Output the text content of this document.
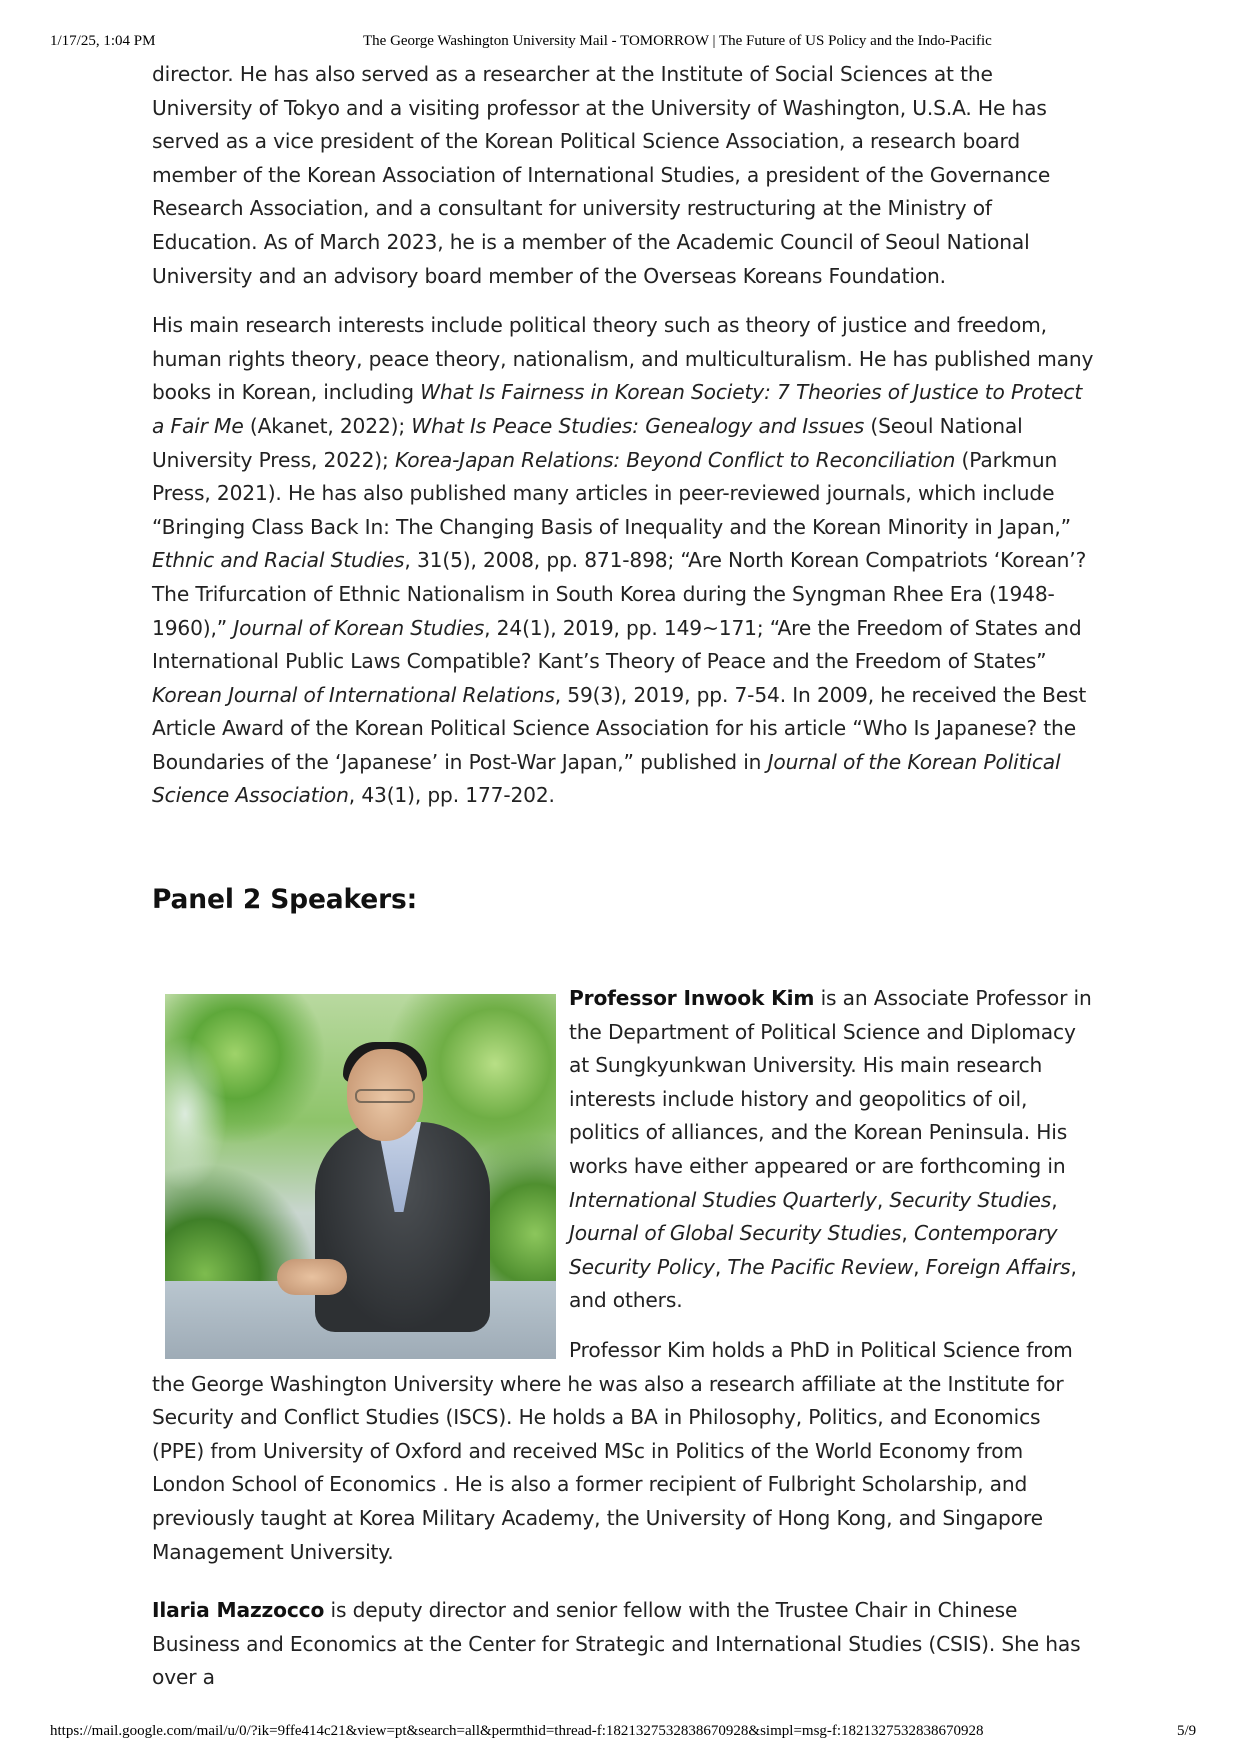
1/17/25, 1:04 PM	The George Washington University Mail - TOMORROW | The Future of US Policy and the Indo-Pacific

director. He has also served as a researcher at the Institute of Social Sciences at the University of Tokyo and a visiting professor at the University of Washington, U.S.A. He has served as a vice president of the Korean Political Science Association, a research board member of the Korean Association of International Studies, a president of the Governance Research Association, and a consultant for university restructuring at the Ministry of Education. As of March 2023, he is a member of the Academic Council of Seoul National University and an advisory board member of the Overseas Koreans Foundation.

His main research interests include political theory such as theory of justice and freedom, human rights theory, peace theory, nationalism, and multiculturalism. He has published many books in Korean, including What Is Fairness in Korean Society: 7 Theories of Justice to Protect a Fair Me (Akanet, 2022); What Is Peace Studies: Genealogy and Issues (Seoul National University Press, 2022); Korea-Japan Relations: Beyond Conflict to Reconciliation (Parkmun Press, 2021). He has also published many articles in peer-reviewed journals, which include “Bringing Class Back In: The Changing Basis of Inequality and the Korean Minority in Japan,” Ethnic and Racial Studies, 31(5), 2008, pp. 871-898; “Are North Korean Compatriots ‘Korean’? The Trifurcation of Ethnic Nationalism in South Korea during the Syngman Rhee Era (1948-1960),” Journal of Korean Studies, 24(1), 2019, pp. 149~171; “Are the Freedom of States and International Public Laws Compatible? Kant’s Theory of Peace and the Freedom of States” Korean Journal of International Relations, 59(3), 2019, pp. 7-54. In 2009, he received the Best Article Award of the Korean Political Science Association for his article “Who Is Japanese? the Boundaries of the ‘Japanese’ in Post-War Japan,” published in Journal of the Korean Political Science Association, 43(1), pp. 177-202.

Panel 2 Speakers:

Professor Inwook Kim is an Associate Professor in the Department of Political Science and Diplomacy at Sungkyunkwan University. His main research interests include history and geopolitics of oil, politics of alliances, and the Korean Peninsula. His works have either appeared or are forthcoming in International Studies Quarterly, Security Studies, Journal of Global Security Studies, Contemporary Security Policy, The Pacific Review, Foreign Affairs, and others.

Professor Kim holds a PhD in Political Science from the George Washington University where he was also a research affiliate at the Institute for Security and Conflict Studies (ISCS). He holds a BA in Philosophy, Politics, and Economics (PPE) from University of Oxford and received MSc in Politics of the World Economy from London School of Economics . He is also a former recipient of Fulbright Scholarship, and previously taught at Korea Military Academy, the University of Hong Kong, and Singapore Management University.

Ilaria Mazzocco is deputy director and senior fellow with the Trustee Chair in Chinese Business and Economics at the Center for Strategic and International Studies (CSIS). She has over a

https://mail.google.com/mail/u/0/?ik=9ffe414c21&view=pt&search=all&permthid=thread-f:1821327532838670928&simpl=msg-f:1821327532838670928	5/9
